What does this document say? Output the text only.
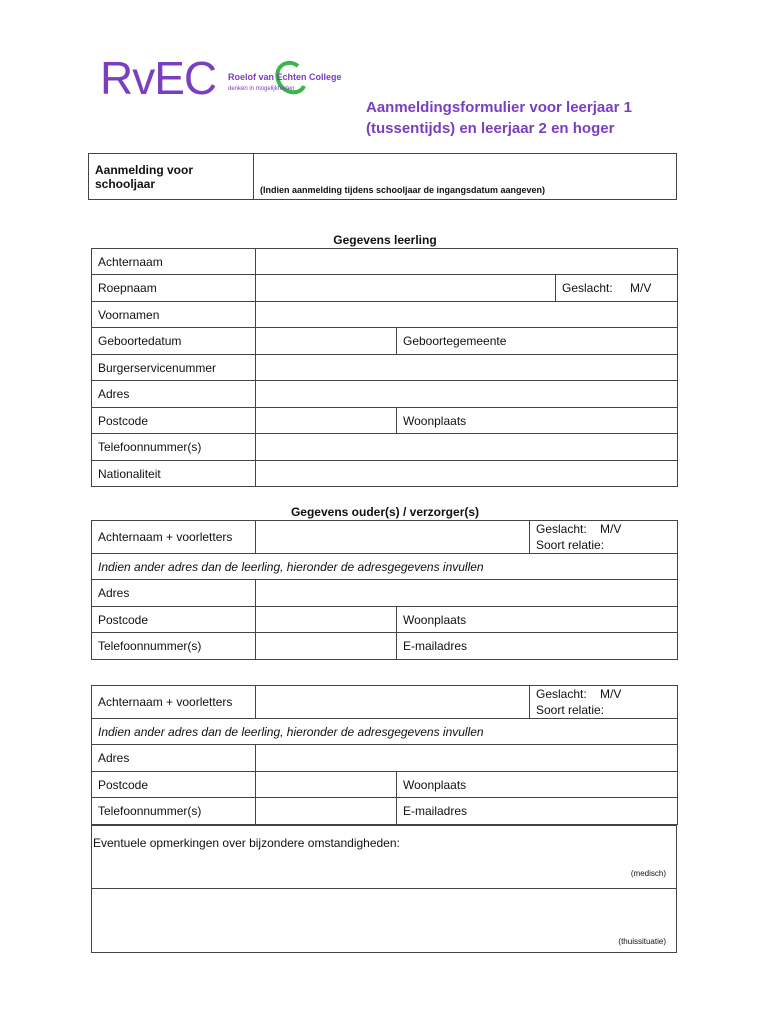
RvEC Roelof van Echten College
denken in mogelijkheden
Aanmeldingsformulier voor leerjaar 1
(tussentijds) en leerjaar 2 en hoger
Aanmelding voor
schooljaar	(Indien aanmelding tijdens schooljaar de ingangsdatum aangeven)
Gegevens leerling
Achternaam			
Roepnaam			Geslacht: M/V
Voornamen			
Geboortedatum		Geboortegemeente	
Burgerservicenummer			
Adres			
Postcode		Woonplaats	
Telefoonnummer(s)			
Nationaliteit			
Gegevens ouder(s) / verzorger(s)
Achternaam + voorletters			Geslacht: M/V
Soort relatie:

Indien ander adres dan de leerling, hieronder de adresgegevens invullen			
Adres			
Postcode		Woonplaats	
Telefoonnummer(s)		E-mailadres	
Achternaam + voorletters			Geslacht: M/V
Soort relatie:

Indien ander adres dan de leerling, hieronder de adresgegevens invullen			
Adres			
Postcode		Woonplaats	
Telefoonnummer(s)		E-mailadres	
Eventuele opmerkingen over bijzondere omstandigheden:
(medisch)

(thuissituatie)
